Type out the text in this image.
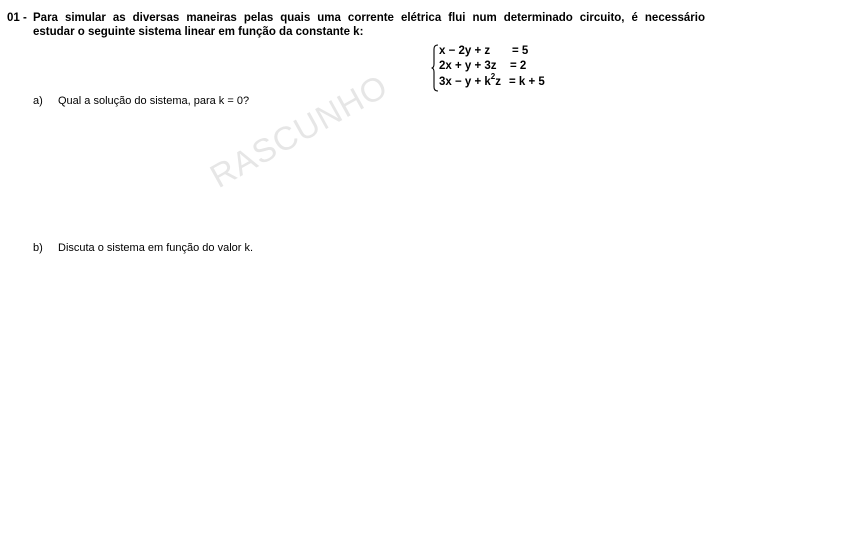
RASCUNHO
01 - Para simular as diversas maneiras pelas quais uma corrente elétrica flui num determinado circuito, é necessário
estudar o seguinte sistema linear em função da constante k:
x − 2y + z = 5
2x + y + 3z = 2
$3x - y + k^2z = k + 5$
a) Qual a solução do sistema, para k = 0?
b) Discuta o sistema em função do valor k.
